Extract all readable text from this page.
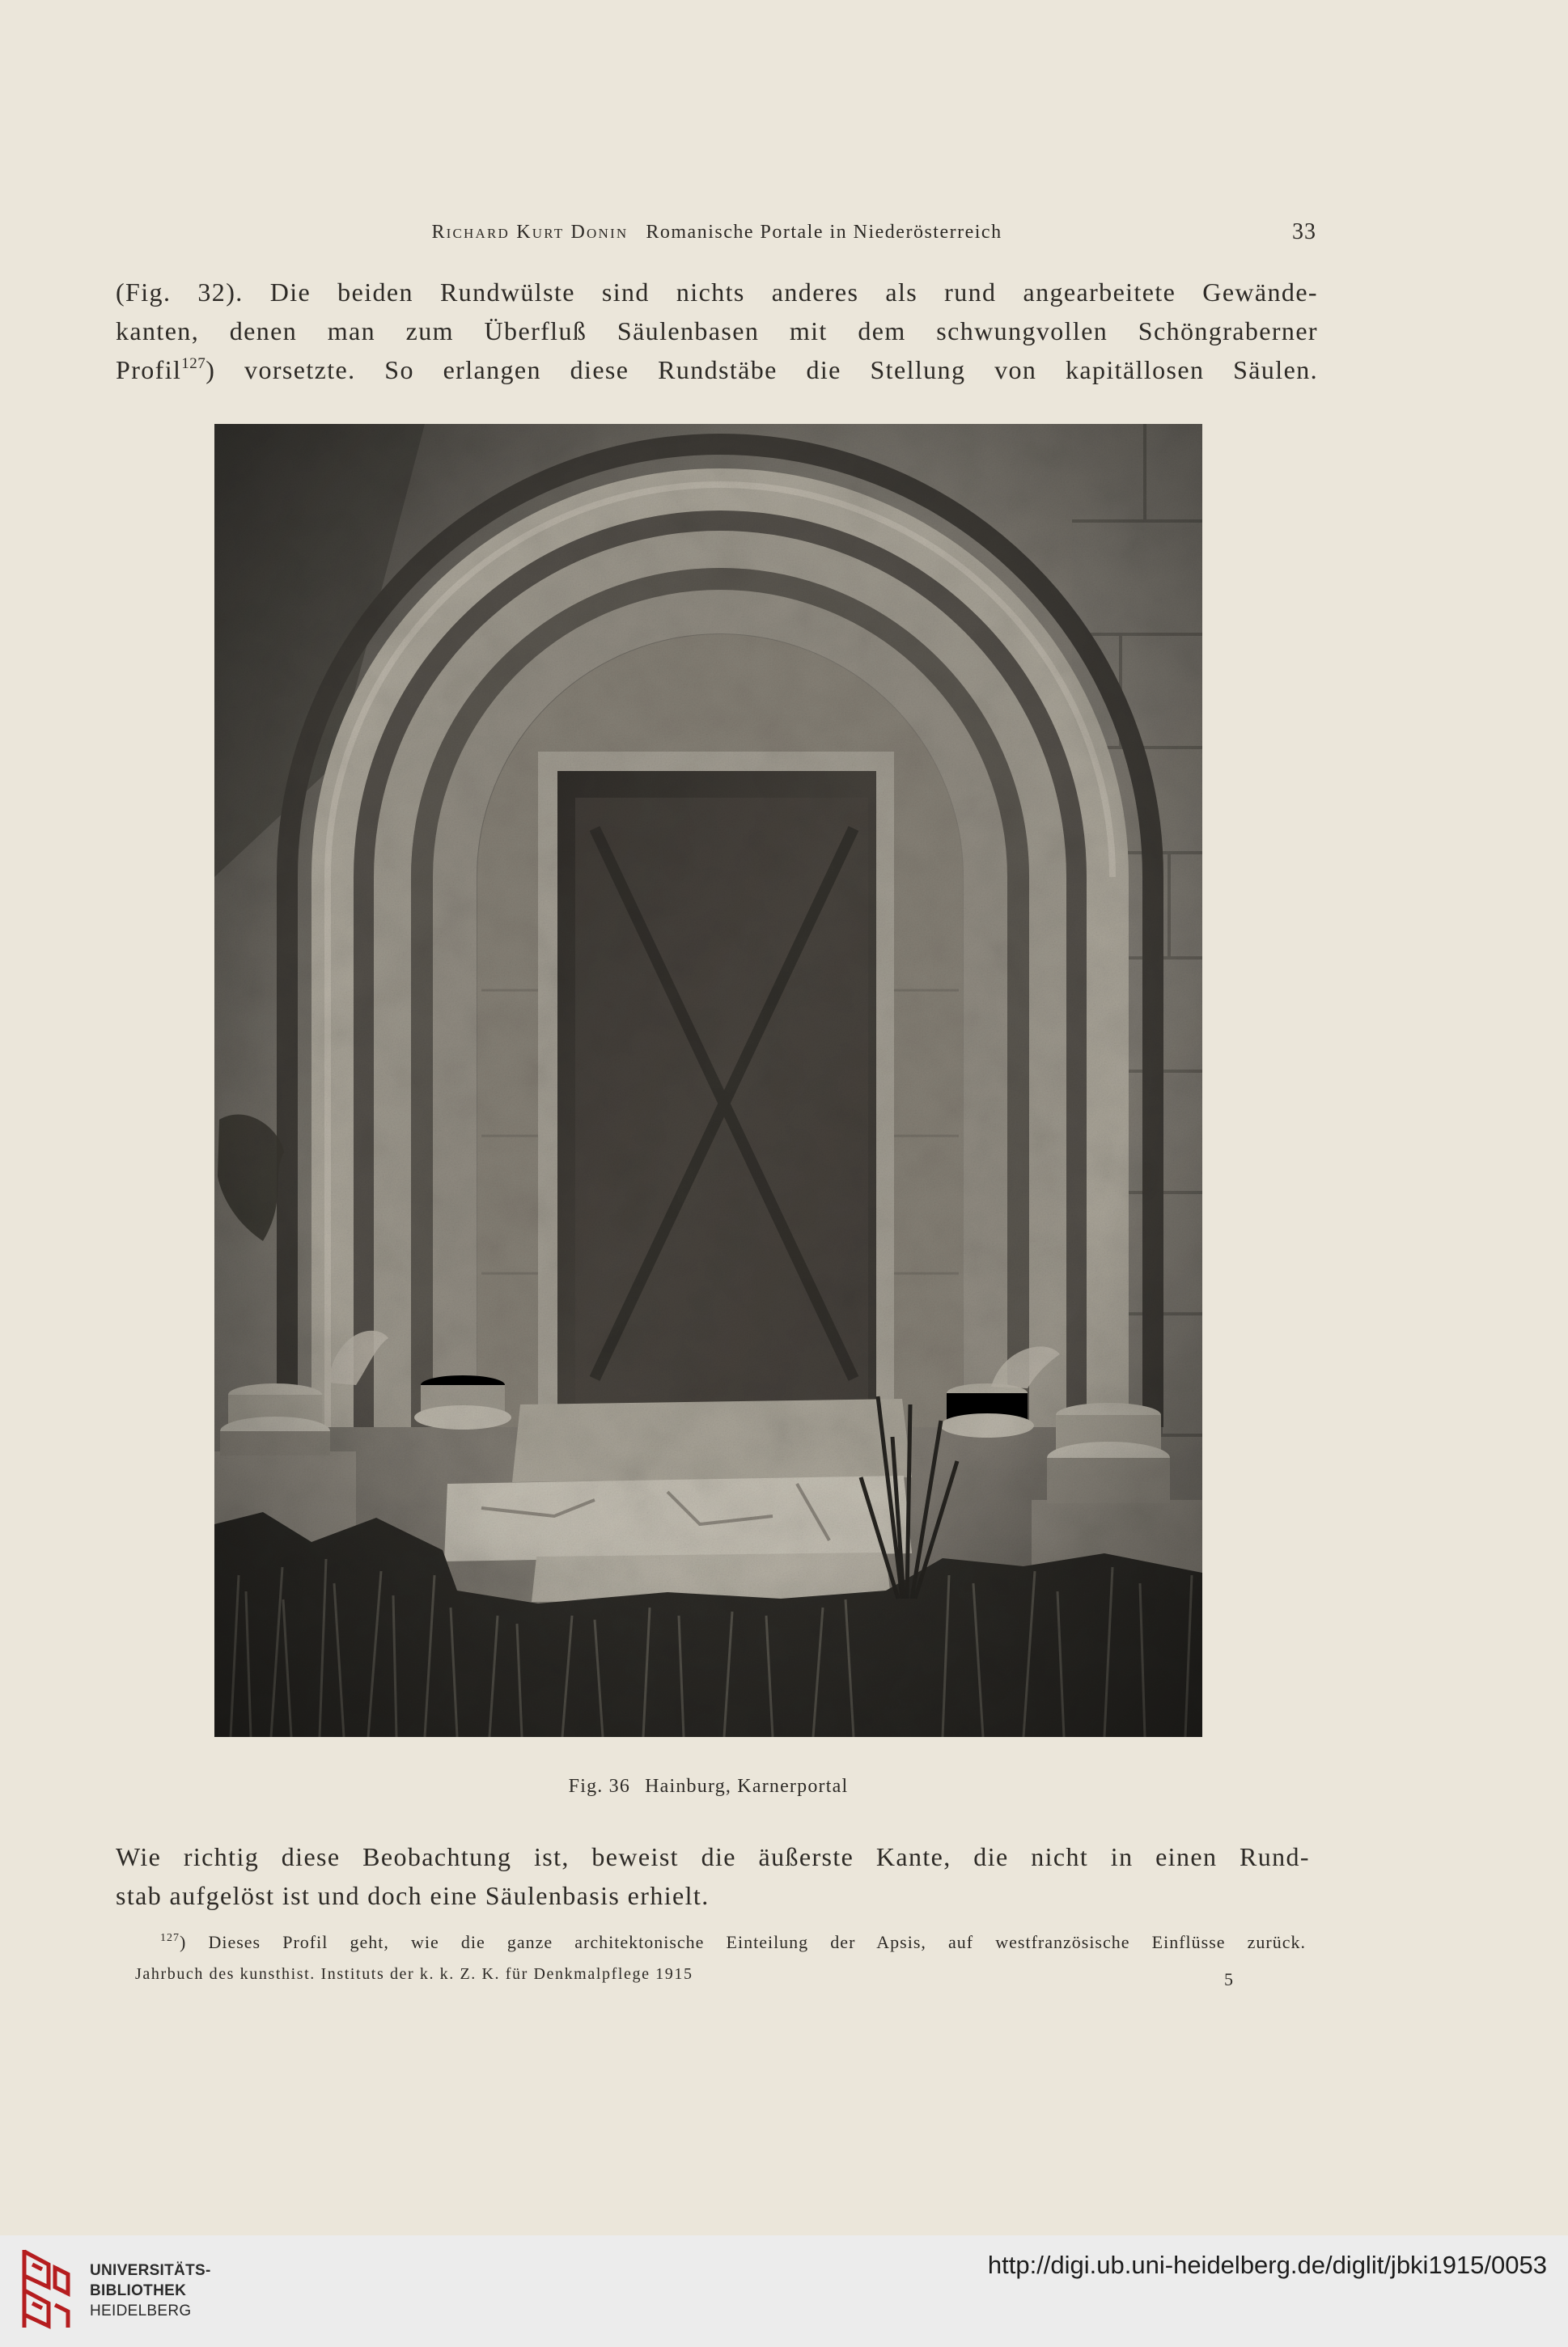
Richard Kurt Donin Romanische Portale in Niederösterreich	33
(Fig. 32). Die beiden Rundwülste sind nichts anderes als rund angearbeitete Gewände-
kanten, denen man zum Überfluß Säulenbasen mit dem schwungvollen Schöngraberner
Profil$^{127}$) vorsetzte. So erlangen diese Rundstäbe die Stellung von kapitällosen Säulen.
Fig. 36 Hainburg, Karnerportal
Wie richtig diese Beobachtung ist, beweist die äußerste Kante, die nicht in einen Rund-
stab aufgelöst ist und doch eine Säulenbasis erhielt.
$^{127}$) Dieses Profil geht, wie die ganze architektonische Einteilung der Apsis, auf westfranzösische Einflüsse zurück.
Jahrbuch des kunsthist. Instituts der k. k. Z. K. für Denkmalpflege 1915	5
UNIVERSITÄTS-
BIBLIOTHEK
HEIDELBERG
http://digi.ub.uni-heidelberg.de/diglit/jbki1915/0053
